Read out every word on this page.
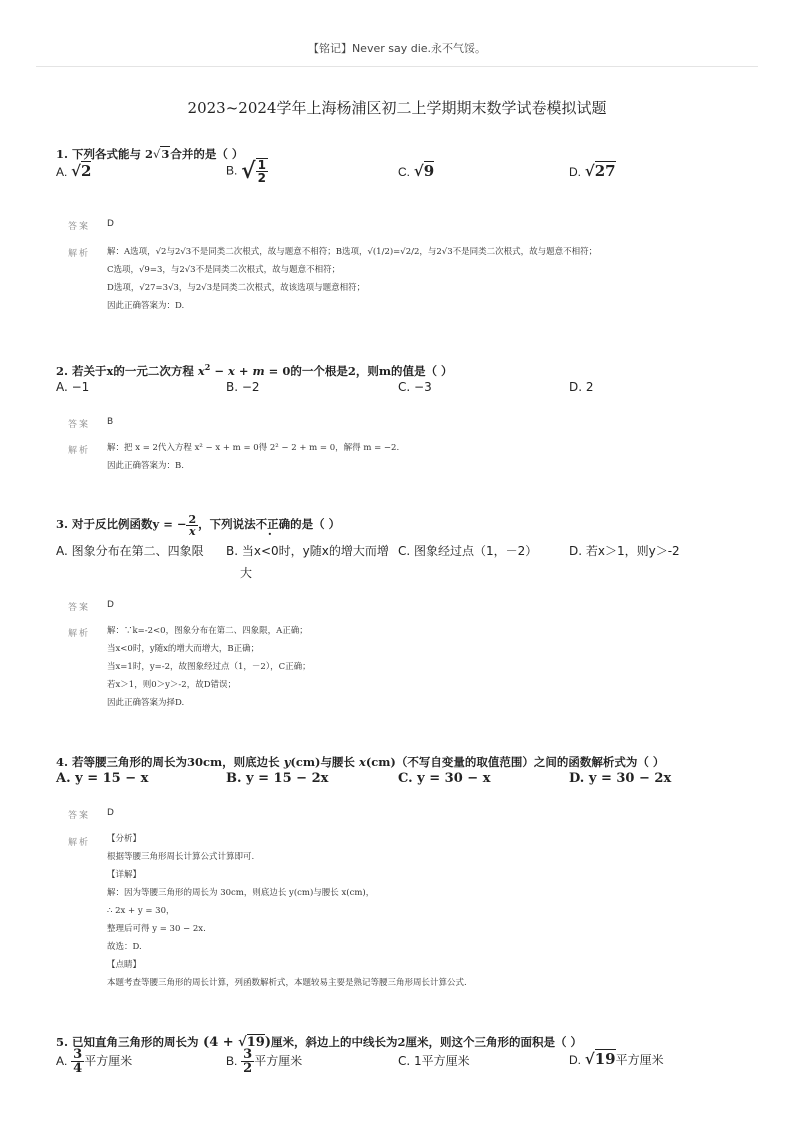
【铭记】Never say die.永不气馁。
2023~2024学年上海杨浦区初二上学期期末数学试卷模拟试题
1. 下列各式能与 2√3合并的是（ ）
A. √2	B. √ $\frac{1}{2}$	C. √9	D. √27
答案 D
解析 解：A选项，√2与2√3不是同类二次根式，故与题意不相符；B选项，√(1/2)=√2/2，与2√3不是同类二次根式，故与题意不相符；
C选项，√9=3，与2√3不是同类二次根式，故与题意不相符；
D选项，√27=3√3，与2√3是同类二次根式，故该选项与题意相符；
因此正确答案为：D.
2. 若关于x的一元二次方程 $x^2 - x + m = 0$的一个根是2，则m的值是（ ）
A. −1	B. −2	C. −3	D. 2
答案 B
解析 解：把 x = 2代入方程 x² − x + m = 0得 2² − 2 + m = 0，解得 m = −2.
因此正确答案为：B.
3. 对于反比例函数y = − $\frac{2}{x}$ ，下列说法不正确的是（ ）
A. 图象分布在第二、四象限 B. 当x<0时，y随x的增大而增
大
C. 图象经过点（1，－2）	D. 若x＞1，则y＞-2
答案 D
解析 解：∵k=-2<0，图象分布在第二、四象限，A正确；
当x<0时，y随x的增大而增大，B正确；
当x=1时，y=-2，故图象经过点（1，－2），C正确；
若x＞1，则0＞y＞-2，故D错误；
因此正确答案为择D.
4. 若等腰三角形的周长为30cm，则底边长 y(cm)与腰长 x(cm)（不写自变量的取值范围）之间的函数解析式为（ ）
A. y = 15 − x	B. y = 15 − 2x	C. y = 30 − x	D. y = 30 − 2x
答案 D
解析 【分析】
根据等腰三角形周长计算公式计算即可.
【详解】
解：因为等腰三角形的周长为 30cm，则底边长 y(cm)与腰长 x(cm)，
∴ 2x + y = 30，
整理后可得 y = 30 − 2x.
故选：D.
【点睛】
本题考查等腰三角形的周长计算，列函数解析式，本题较易主要是熟记等腰三角形周长计算公式.
5. 已知直角三角形的周长为 (4 + √19)厘米，斜边上的中线长为2厘米，则这个三角形的面积是（ ）
A. $\frac{3}{4}$ 平方厘米	B. $\frac{3}{2}$ 平方厘米	C. 1平方厘米	D. √19平方厘米
